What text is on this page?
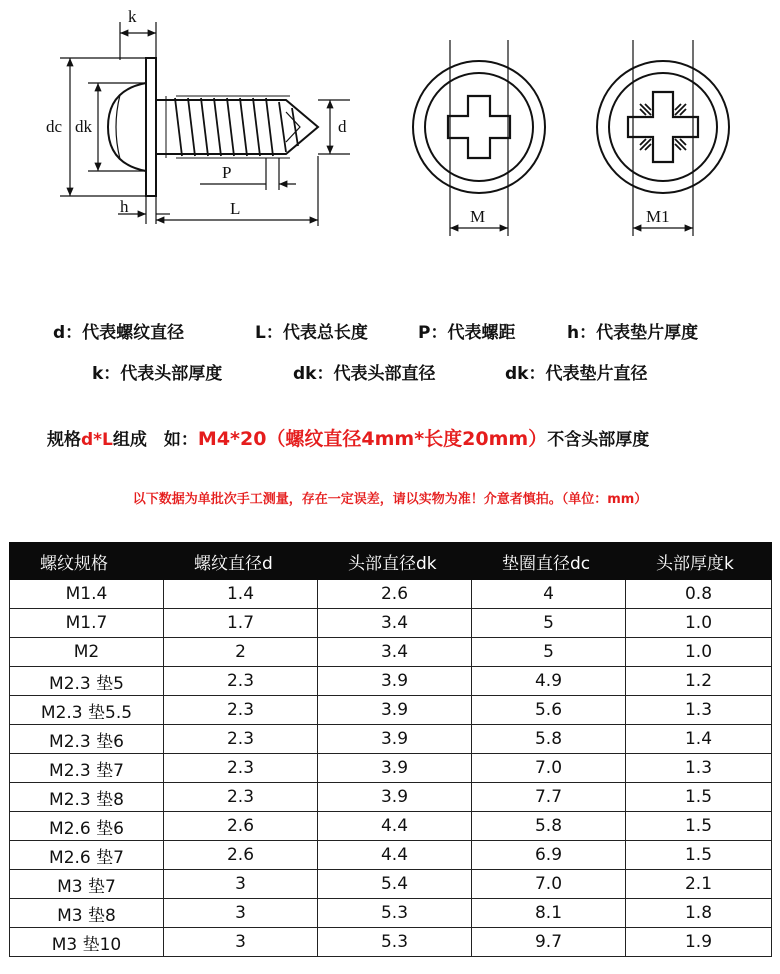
k
dc dk	d
P
h	L	M	M1
d：代表螺纹直径	L：代表总长度	P：代表螺距	h：代表垫片厚度
k：代表头部厚度	dk：代表头部直径	dk：代表垫片直径
规格d*L组成　如：M4*20（螺纹直径4mm*长度20mm）不含头部厚度
以下数据为单批次手工测量，存在一定误差，请以实物为准！介意者慎拍。（单位：mm）
螺纹规格	螺纹直径d	头部直径dk	垫圈直径dc	头部厚度k
M1.4	1.4	2.6	4	0.8
M1.7	1.7	3.4	5	1.0
M2	2	3.4	5	1.0
M2.3 垫5	2.3	3.9	4.9	1.2
M2.3 垫5.5	2.3	3.9	5.6	1.3
M2.3 垫6	2.3	3.9	5.8	1.4
M2.3 垫7	2.3	3.9	7.0	1.3
M2.3 垫8	2.3	3.9	7.7	1.5
M2.6 垫6	2.6	4.4	5.8	1.5
M2.6 垫7	2.6	4.4	6.9	1.5
M3 垫7	3	5.4	7.0	2.1
M3 垫8	3	5.3	8.1	1.8
M3 垫10	3	5.3	9.7	1.9
